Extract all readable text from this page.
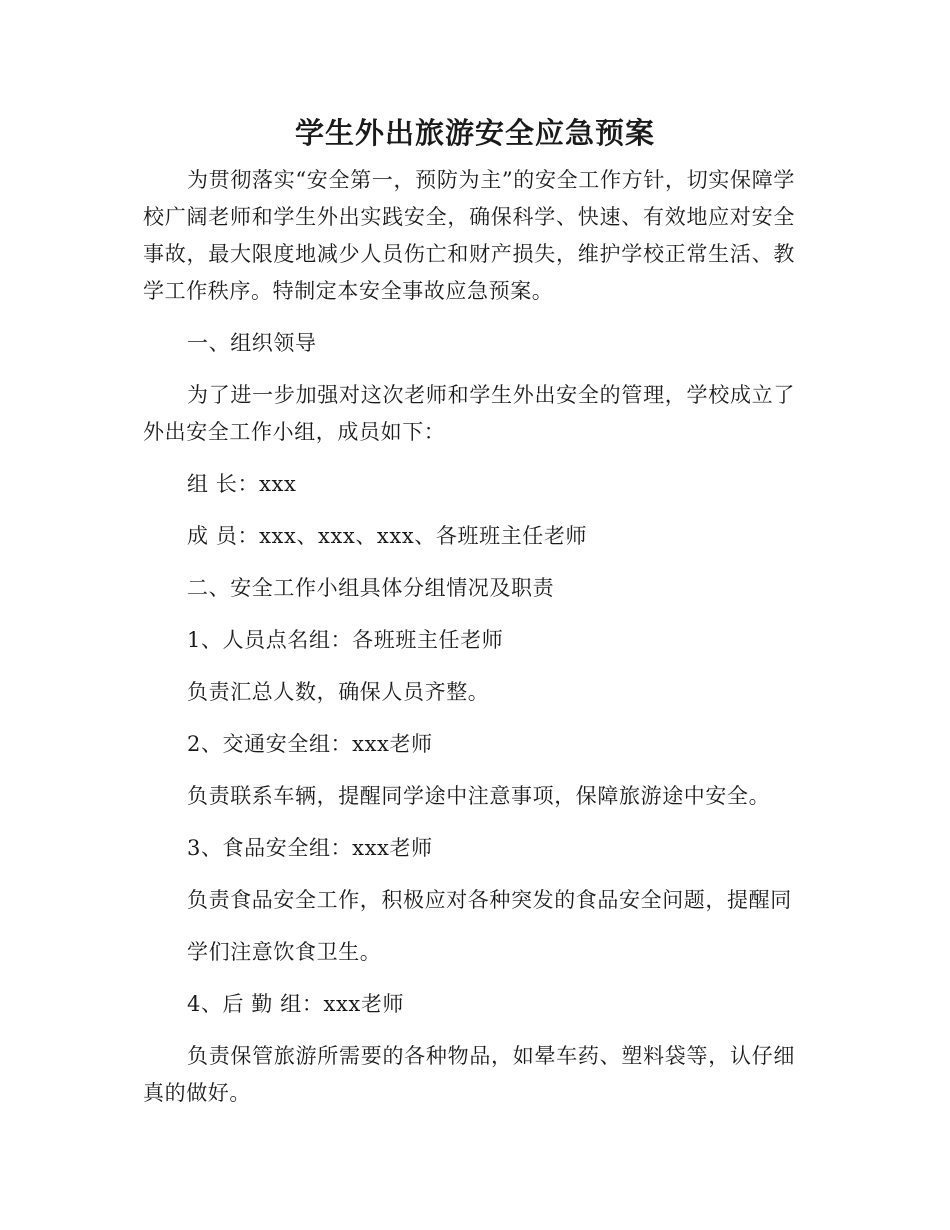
学生外出旅游安全应急预案

为贯彻落实“安全第一，预防为主”的安全工作方针，切实保障学校广阔老师和学生外出实践安全，确保科学、快速、有效地应对安全事故，最大限度地减少人员伤亡和财产损失，维护学校正常生活、教学工作秩序。特制定本安全事故应急预案。

一、组织领导

为了进一步加强对这次老师和学生外出安全的管理，学校成立了外出安全工作小组，成员如下：

组 长：xxx

成 员：xxx、xxx、xxx、各班班主任老师

二、安全工作小组具体分组情况及职责

1、人员点名组：各班班主任老师

负责汇总人数，确保人员齐整。

2、交通安全组：xxx老师

负责联系车辆，提醒同学途中注意事项，保障旅游途中安全。

3、食品安全组：xxx老师

负责食品安全工作，积极应对各种突发的食品安全问题，提醒同

学们注意饮食卫生。

4、后 勤 组：xxx老师

负责保管旅游所需要的各种物品，如晕车药、塑料袋等，认仔细真的做好。
